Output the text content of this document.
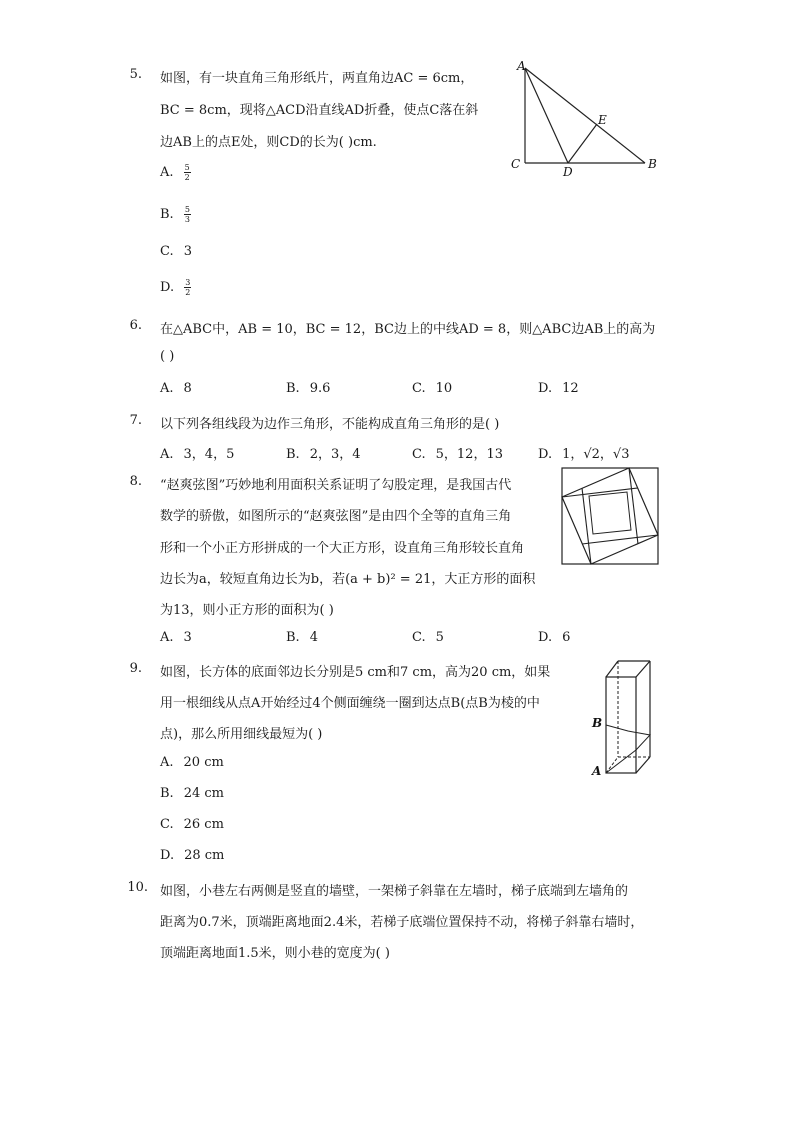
5. 如图，有一块直角三角形纸片，两直角边AC = 6cm，
BC = 8cm，现将△ACD沿直线AD折叠，使点C落在斜
边AB上的点E处，则CD的长为( )cm.
A. $\frac{5}{2}$
B. $\frac{5}{3}$
C. 3
D. $\frac{3}{2}$
A
C
D
E
B
6. 在△ABC中，AB = 10，BC = 12，BC边上的中线AD = 8，则△ABC边AB上的高为
( )
A. 8	B. 9.6	C. 10	D. 12
7. 以下列各组线段为边作三角形，不能构成直角三角形的是( )
A. 3，4，5	B. 2，3，4	C. 5，12，13	D. 1，√2，√3
8. “赵爽弦图”巧妙地利用面积关系证明了勾股定理，是我国古代
数学的骄傲，如图所示的“赵爽弦图”是由四个全等的直角三角
形和一个小正方形拼成的一个大正方形，设直角三角形较长直角
边长为a，较短直角边长为b，若(a + b)² = 21，大正方形的面积
为13，则小正方形的面积为( )
A. 3	B. 4	C. 5	D. 6
9. 如图，长方体的底面邻边长分别是5 cm和7 cm，高为20 cm，如果
用一根细线从点A开始经过4个侧面缠绕一圈到达点B(点B为棱的中
点)，那么所用细线最短为( )
A. 20 cm
B. 24 cm
C. 26 cm
D. 28 cm
A
B
10. 如图，小巷左右两侧是竖直的墙壁，一架梯子斜靠在左墙时，梯子底端到左墙角的
距离为0.7米，顶端距离地面2.4米，若梯子底端位置保持不动，将梯子斜靠右墙时，
顶端距离地面1.5米，则小巷的宽度为( )
